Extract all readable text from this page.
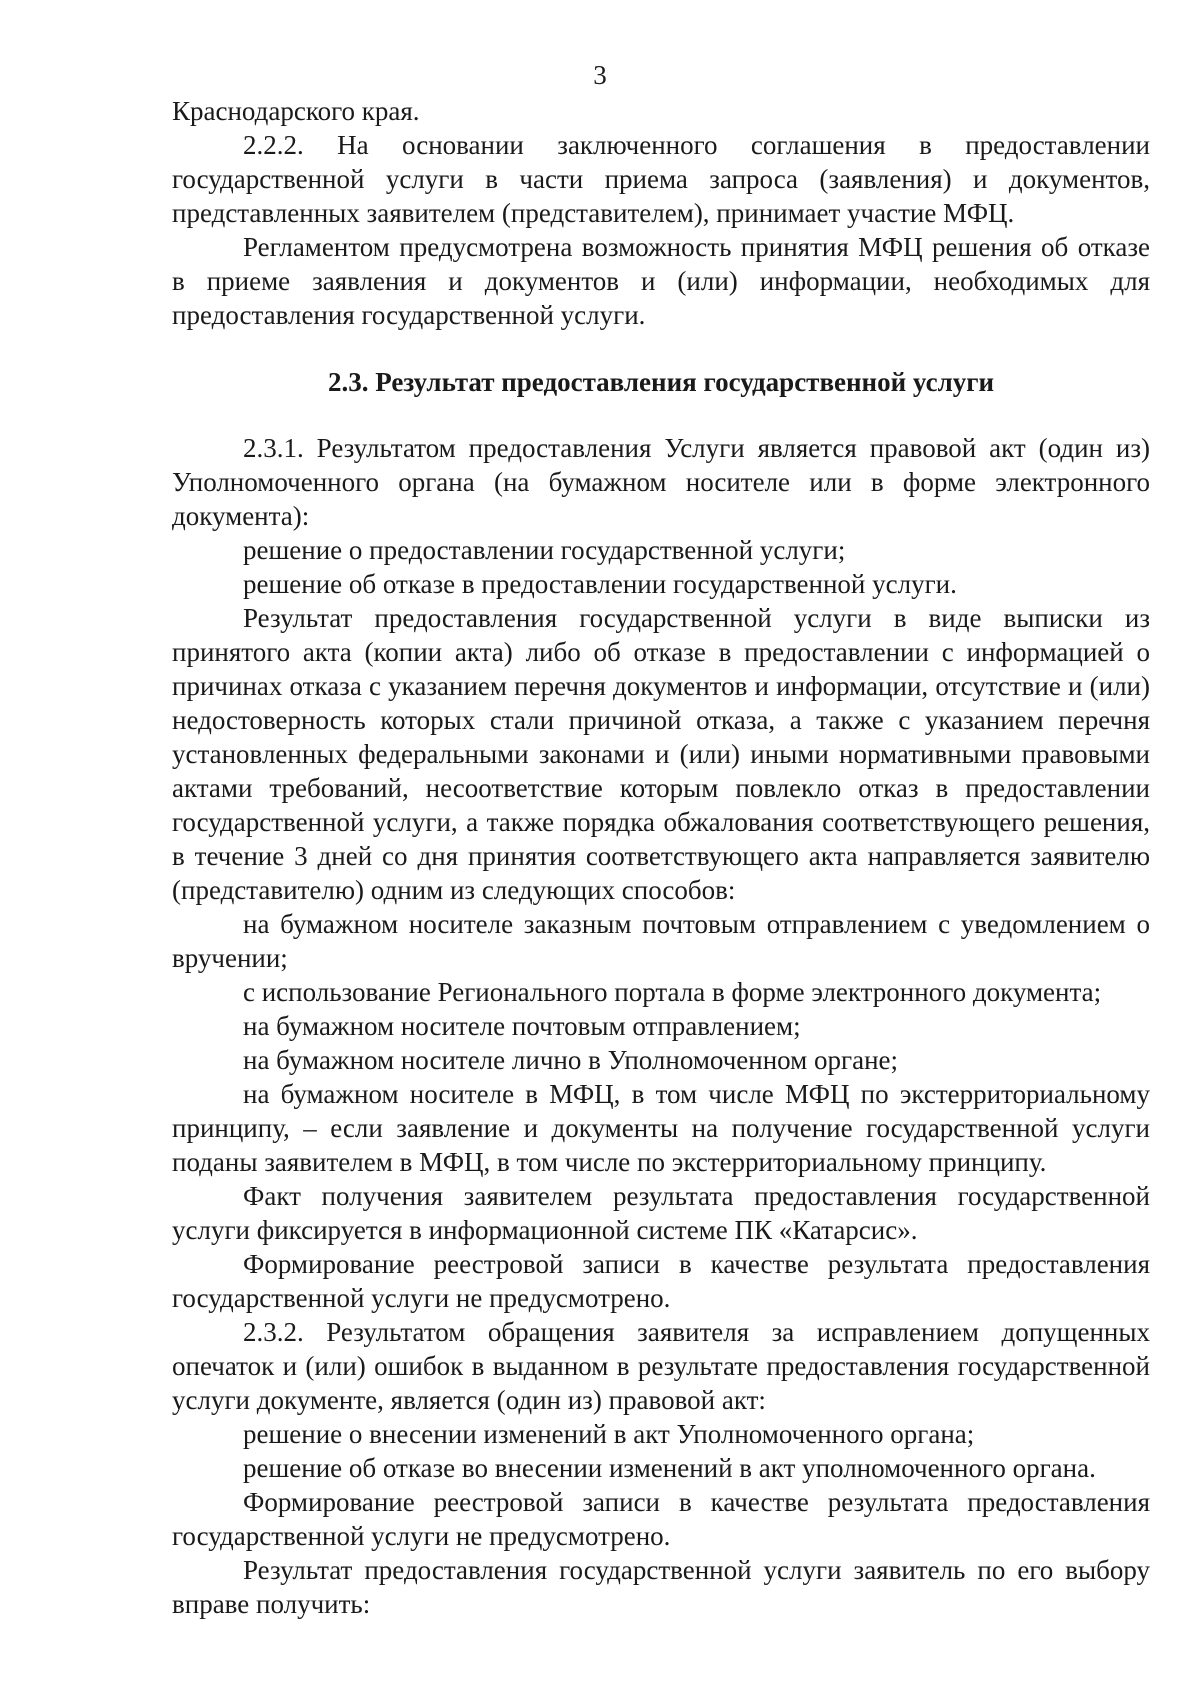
3

Краснодарского края.

2.2.2. На основании заключенного соглашения в предоставлении государственной услуги в части приема запроса (заявления) и документов, представленных заявителем (представителем), принимает участие МФЦ.

Регламентом предусмотрена возможность принятия МФЦ решения об отказе в приеме заявления и документов и (или) информации, необходимых для предоставления государственной услуги.

2.3. Результат предоставления государственной услуги

2.3.1. Результатом предоставления Услуги является правовой акт (один из) Уполномоченного органа (на бумажном носителе или в форме электронного документа):

решение о предоставлении государственной услуги;

решение об отказе в предоставлении государственной услуги.

Результат предоставления государственной услуги в виде выписки из принятого акта (копии акта) либо об отказе в предоставлении с информацией о причинах отказа с указанием перечня документов и информации, отсутствие и (или) недостоверность которых стали причиной отказа, а также с указанием перечня установленных федеральными законами и (или) иными нормативными правовыми актами требований, несоответствие которым повлекло отказ в предоставлении государственной услуги, а также порядка обжалования соответствующего решения, в течение 3 дней со дня принятия соответствующего акта направляется заявителю (представителю) одним из следующих способов:

на бумажном носителе заказным почтовым отправлением с уведомлением о вручении;

с использование Регионального портала в форме электронного документа;

на бумажном носителе почтовым отправлением;

на бумажном носителе лично в Уполномоченном органе;

на бумажном носителе в МФЦ, в том числе МФЦ по экстерриториальному принципу, – если заявление и документы на получение государственной услуги поданы заявителем в МФЦ, в том числе по экстерриториальному принципу.

Факт получения заявителем результата предоставления государственной услуги фиксируется в информационной системе ПК «Катарсис».

Формирование реестровой записи в качестве результата предоставления государственной услуги не предусмотрено.

2.3.2. Результатом обращения заявителя за исправлением допущенных опечаток и (или) ошибок в выданном в результате предоставления государственной услуги документе, является (один из) правовой акт:

решение о внесении изменений в акт Уполномоченного органа;

решение об отказе во внесении изменений в акт уполномоченного органа.

Формирование реестровой записи в качестве результата предоставления государственной услуги не предусмотрено.

Результат предоставления государственной услуги заявитель по его выбору вправе получить:
